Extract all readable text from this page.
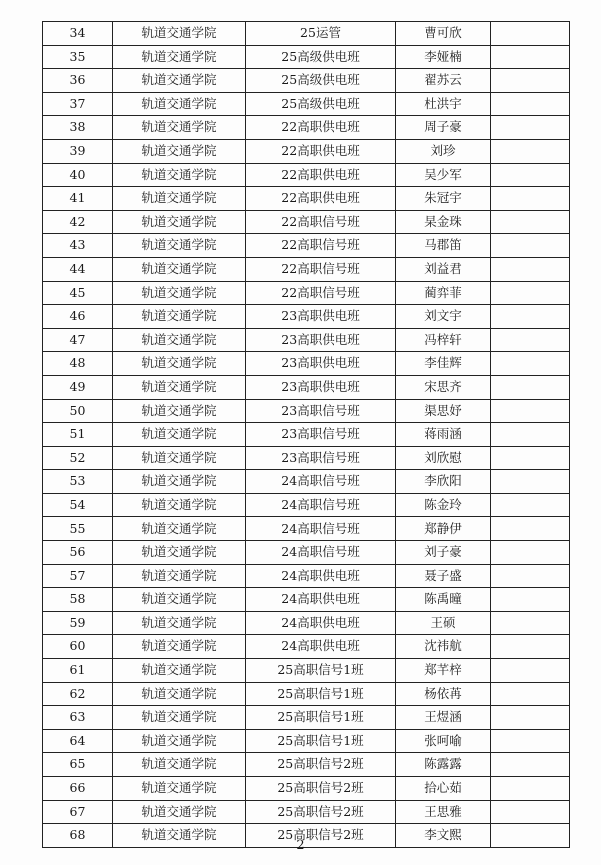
34	轨道交通学院	25运管	曹可欣	
35	轨道交通学院	25高级供电班	李娅楠	
36	轨道交通学院	25高级供电班	翟苏云	
37	轨道交通学院	25高级供电班	杜洪宇	
38	轨道交通学院	22高职供电班	周子豪	
39	轨道交通学院	22高职供电班	刘珍	
40	轨道交通学院	22高职供电班	吴少军	
41	轨道交通学院	22高职供电班	朱冠宇	
42	轨道交通学院	22高职信号班	杲金珠	
43	轨道交通学院	22高职信号班	马郡笛	
44	轨道交通学院	22高职信号班	刘益君	
45	轨道交通学院	22高职信号班	蔺弈菲	
46	轨道交通学院	23高职供电班	刘文宇	
47	轨道交通学院	23高职供电班	冯梓轩	
48	轨道交通学院	23高职供电班	李佳辉	
49	轨道交通学院	23高职供电班	宋思齐	
50	轨道交通学院	23高职信号班	渠思妤	
51	轨道交通学院	23高职信号班	蒋雨涵	
52	轨道交通学院	23高职信号班	刘欣慰	
53	轨道交通学院	24高职信号班	李欣阳	
54	轨道交通学院	24高职信号班	陈金玲	
55	轨道交通学院	24高职信号班	郑静伊	
56	轨道交通学院	24高职信号班	刘子豪	
57	轨道交通学院	24高职供电班	聂子盛	
58	轨道交通学院	24高职供电班	陈禹曈	
59	轨道交通学院	24高职供电班	王硕	
60	轨道交通学院	24高职供电班	沈祎航	
61	轨道交通学院	25高职信号1班	郑芊梓	
62	轨道交通学院	25高职信号1班	杨依苒	
63	轨道交通学院	25高职信号1班	王煜涵	
64	轨道交通学院	25高职信号1班	张呵喻	
65	轨道交通学院	25高职信号2班	陈露露	
66	轨道交通学院	25高职信号2班	拾心茹	
67	轨道交通学院	25高职信号2班	王思雅	
68	轨道交通学院	25高职信号2班	李文熙	
2
